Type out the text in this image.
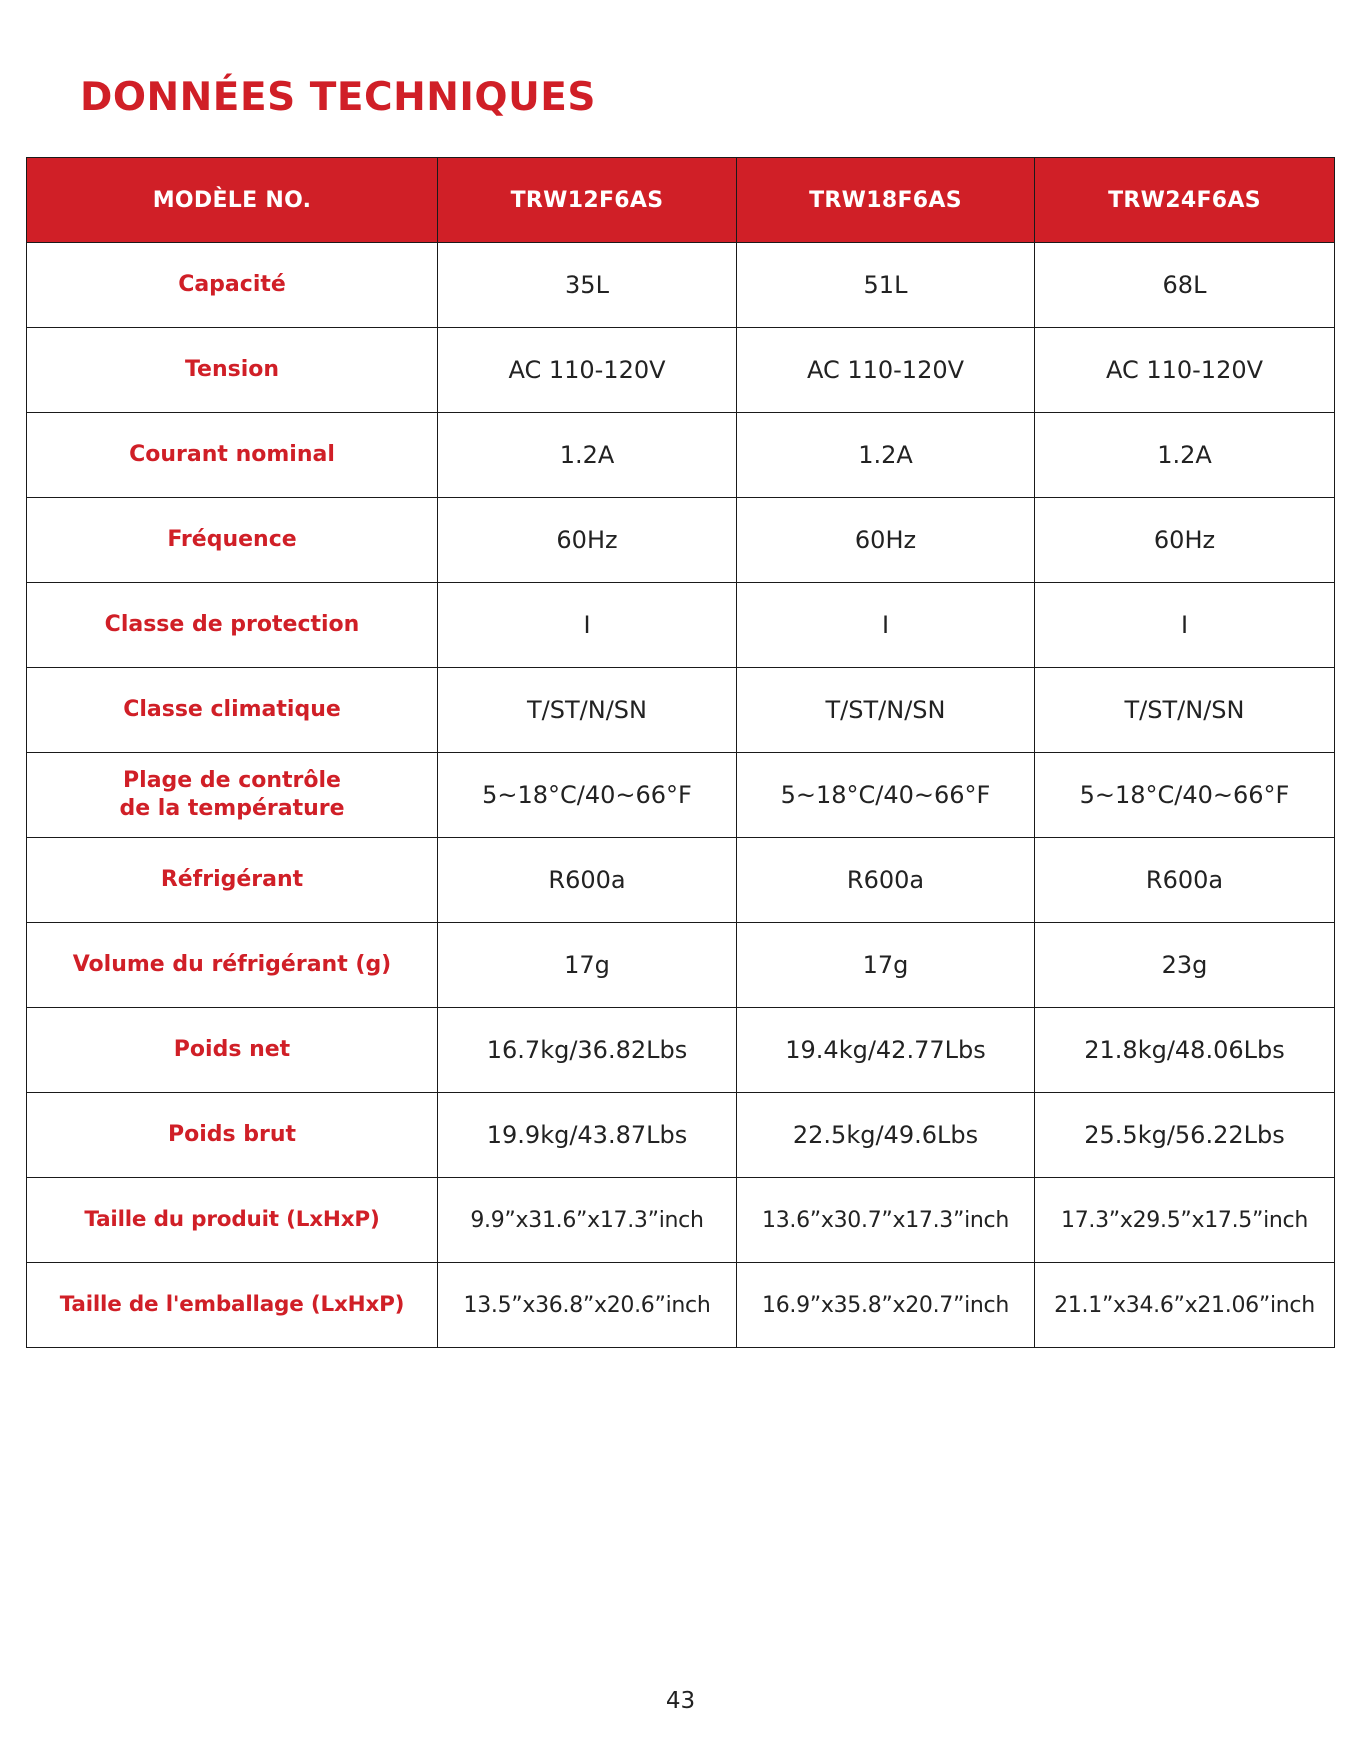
DONNÉES TECHNIQUES
MODÈLE NO.	TRW12F6AS	TRW18F6AS	TRW24F6AS
Capacité	35L	51L	68L
Tension	AC 110-120V	AC 110-120V	AC 110-120V
Courant nominal	1.2A	1.2A	1.2A
Fréquence	60Hz	60Hz	60Hz
Classe de protection	I	I	I
Classe climatique	T/ST/N/SN	T/ST/N/SN	T/ST/N/SN
Plage de contrôle
de la température	5~18°C/40~66°F	5~18°C/40~66°F	5~18°C/40~66°F
Réfrigérant	R600a	R600a	R600a
Volume du réfrigérant (g)	17g	17g	23g
Poids net	16.7kg/36.82Lbs	19.4kg/42.77Lbs	21.8kg/48.06Lbs
Poids brut	19.9kg/43.87Lbs	22.5kg/49.6Lbs	25.5kg/56.22Lbs
Taille du produit (LxHxP)	9.9”x31.6”x17.3”inch	13.6”x30.7”x17.3”inch	17.3”x29.5”x17.5”inch
Taille de l'emballage (LxHxP)	13.5”x36.8”x20.6”inch	16.9”x35.8”x20.7”inch	21.1”x34.6”x21.06”inch
43
